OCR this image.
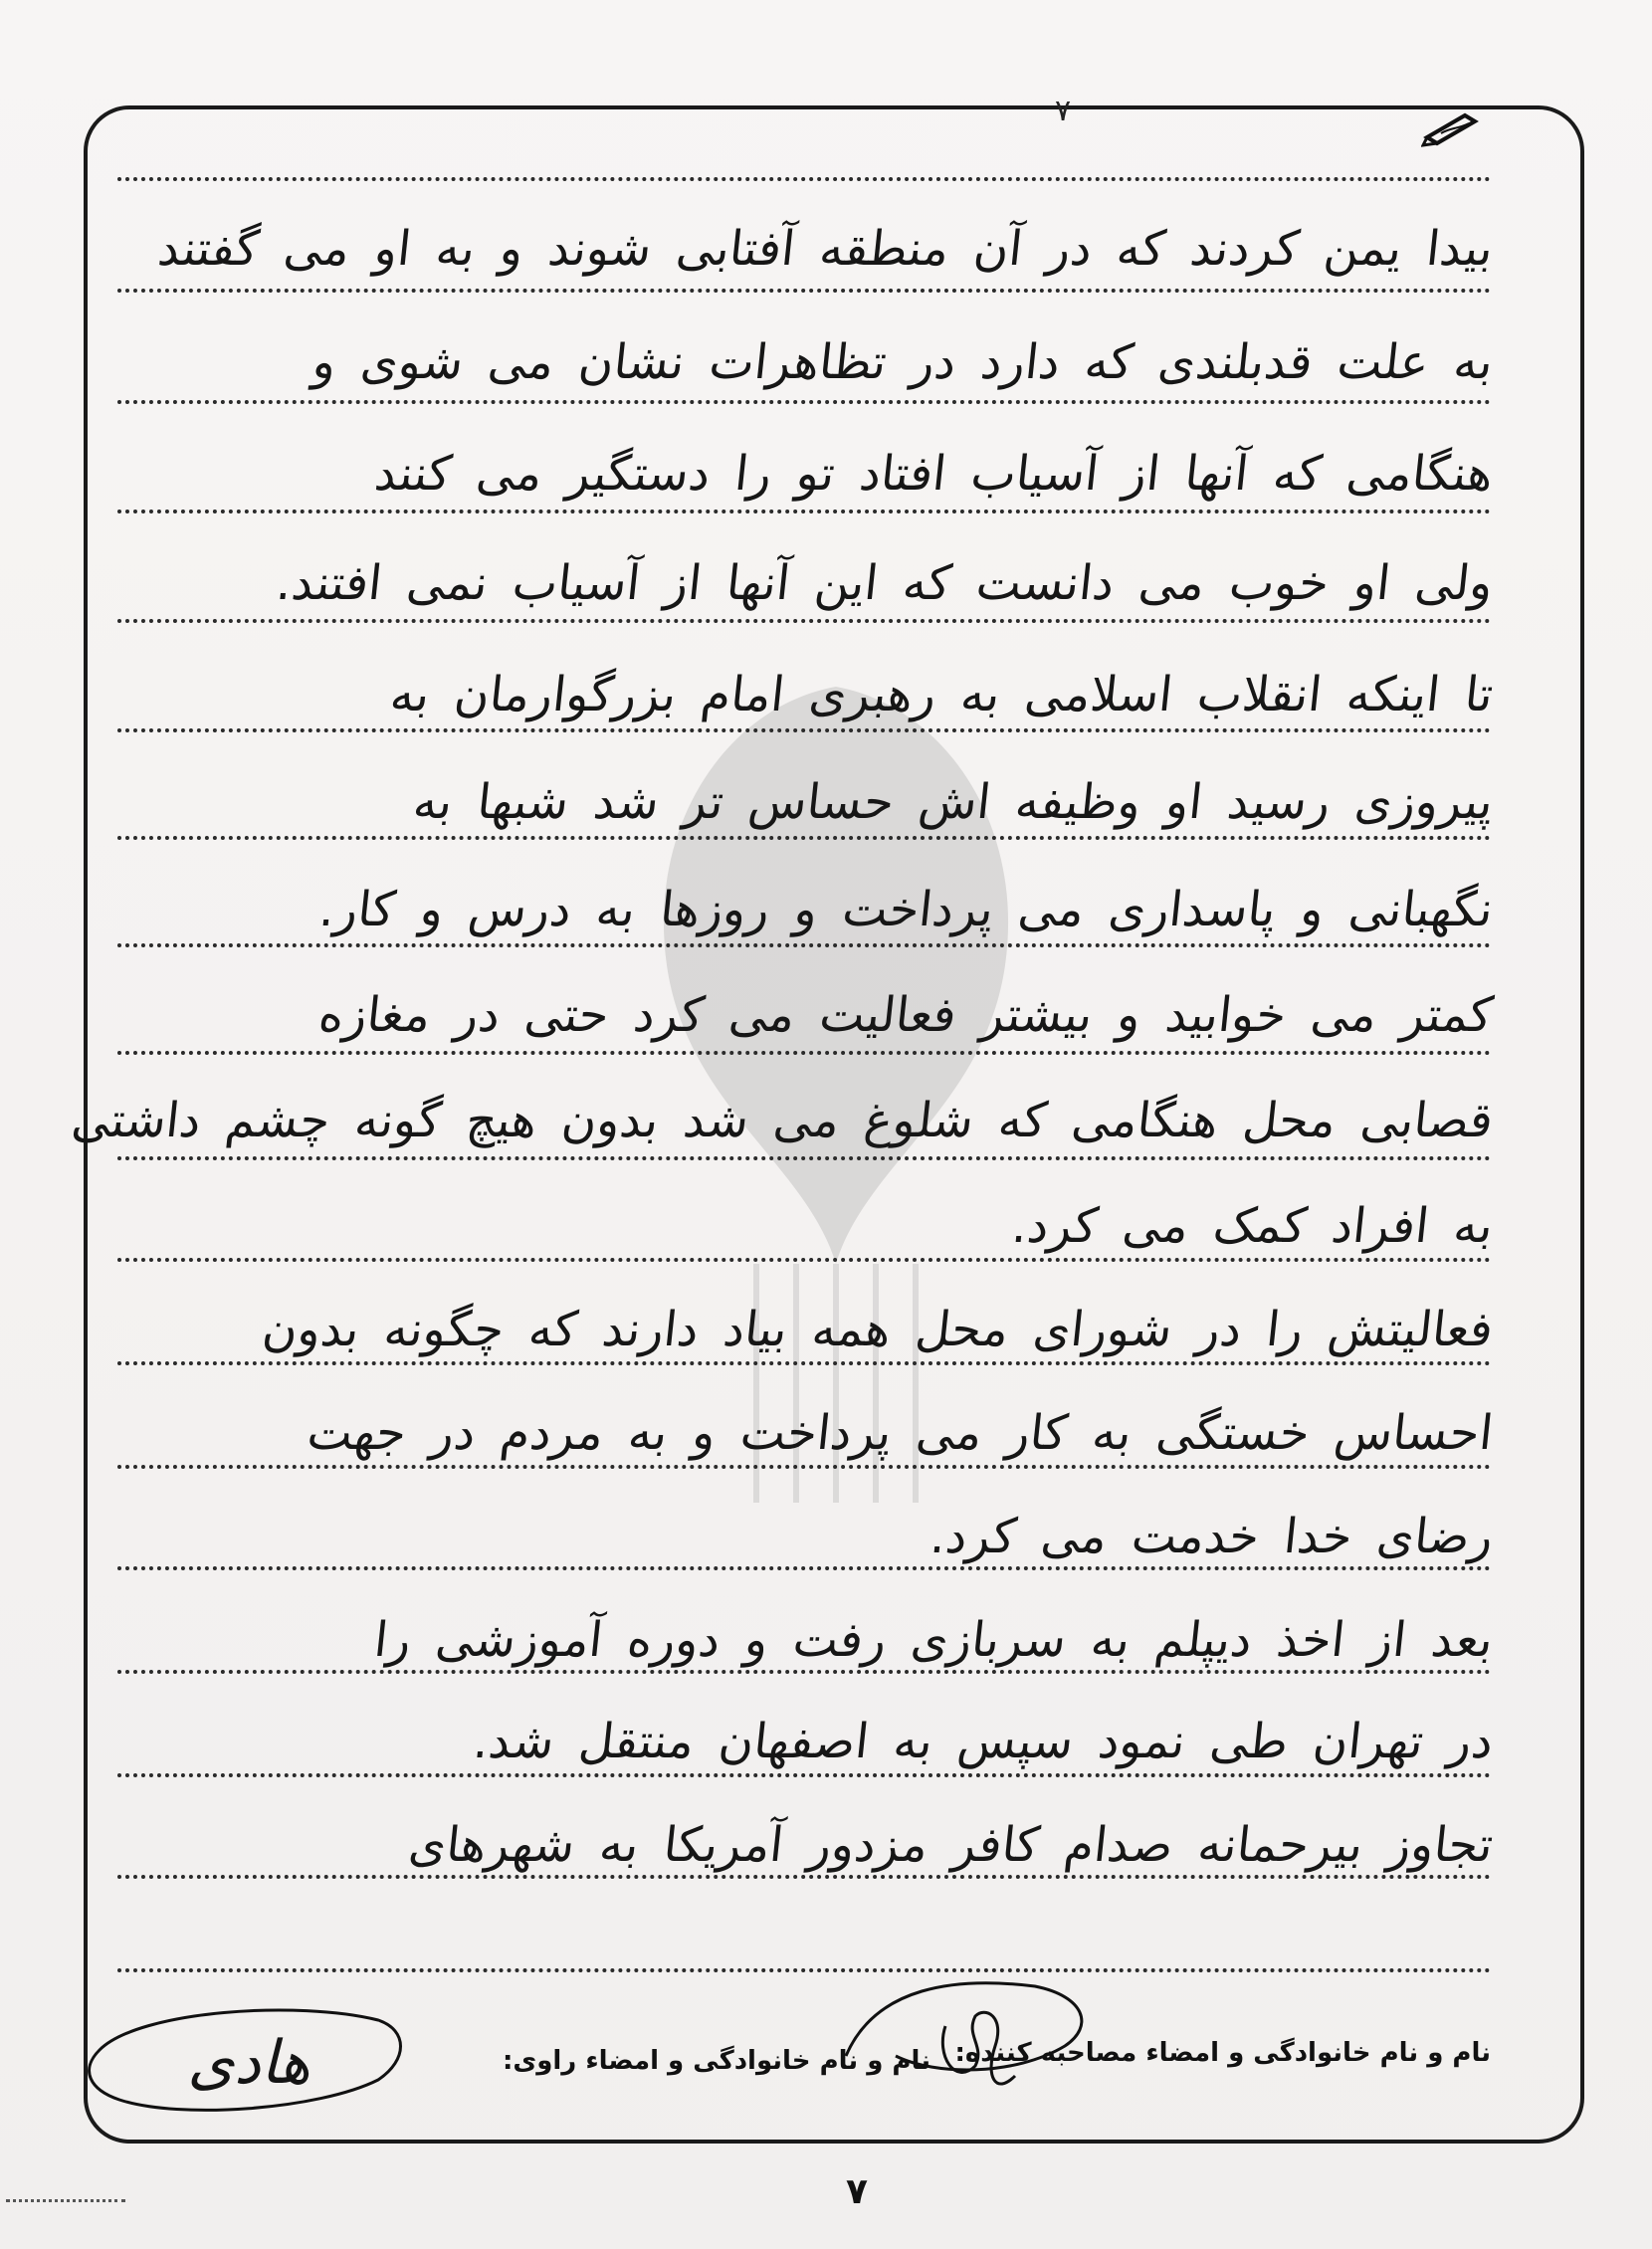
۷
بیدا یمن کردند که در آن منطقه آفتابی شوند و به او می گفتند
به علت قدبلندی که دارد در تظاهرات نشان می شوی و
هنگامی که آنها از آسیاب افتاد تو را دستگیر می کنند
ولی او خوب می دانست که این آنها از آسیاب نمی افتند.
تا اینکه انقلاب اسلامی به رهبری امام بزرگوارمان به
پیروزی رسید او وظیفه اش حساس تر شد شبها به
نگهبانی و پاسداری می پرداخت و روزها به درس و کار.
کمتر می خوابید و بیشتر فعالیت می کرد حتی در مغازه
قصابی محل هنگامی که شلوغ می شد بدون هیچ گونه چشم داشتی
به افراد کمک می کرد.
فعالیتش را در شورای محل همه بیاد دارند که چگونه بدون
احساس خستگی به کار می پرداخت و به مردم در جهت
رضای خدا خدمت می کرد.
بعد از اخذ دیپلم به سربازی رفت و دوره آموزشی را
در تهران طی نمود سپس به اصفهان منتقل شد.
تجاوز بیرحمانه صدام کافر مزدور آمریکا به شهرهای
نام و نام خانوادگی و امضاء مصاحبه کننده:
نام و نام خانوادگی و امضاء راوی:
هادی
۷
